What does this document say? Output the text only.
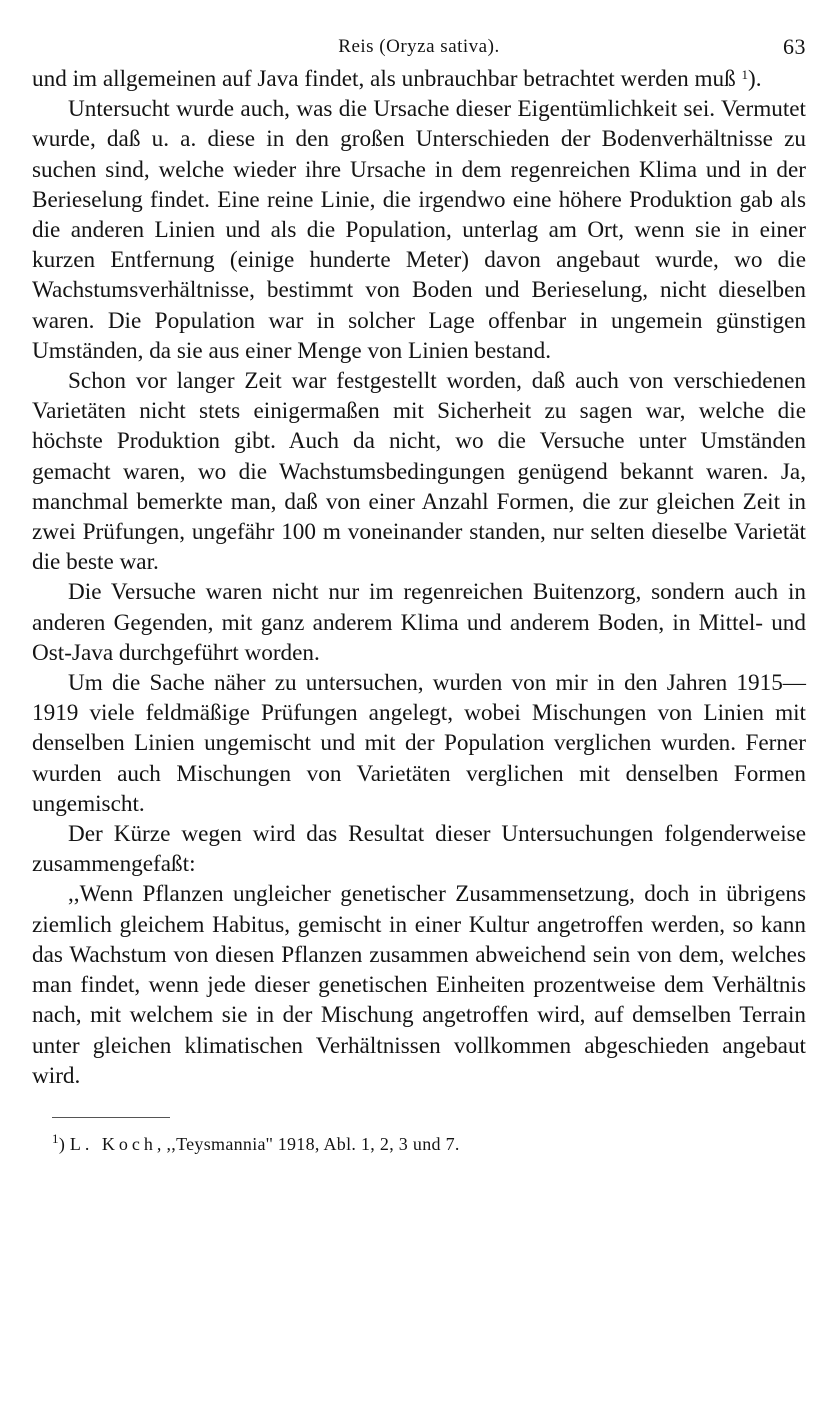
Reis (Oryza sativa).	63

und im allgemeinen auf Java findet, als unbrauchbar betrachtet werden muß $^1$).

Untersucht wurde auch, was die Ursache dieser Eigentümlichkeit sei. Vermutet wurde, daß u. a. diese in den großen Unterschieden der Bodenverhältnisse zu suchen sind, welche wieder ihre Ursache in dem regenreichen Klima und in der Berieselung findet. Eine reine Linie, die irgendwo eine höhere Produktion gab als die anderen Linien und als die Population, unterlag am Ort, wenn sie in einer kurzen Entfernung (einige hunderte Meter) davon angebaut wurde, wo die Wachstumsverhältnisse, bestimmt von Boden und Berieselung, nicht dieselben waren. Die Population war in solcher Lage offenbar in ungemein günstigen Umständen, da sie aus einer Menge von Linien bestand.

Schon vor langer Zeit war festgestellt worden, daß auch von verschiedenen Varietäten nicht stets einigermaßen mit Sicherheit zu sagen war, welche die höchste Produktion gibt. Auch da nicht, wo die Versuche unter Umständen gemacht waren, wo die Wachstumsbedingungen genügend bekannt waren. Ja, manchmal bemerkte man, daß von einer Anzahl Formen, die zur gleichen Zeit in zwei Prüfungen, ungefähr 100 m voneinander standen, nur selten dieselbe Varietät die beste war.

Die Versuche waren nicht nur im regenreichen Buitenzorg, sondern auch in anderen Gegenden, mit ganz anderem Klima und anderem Boden, in Mittel- und Ost-Java durchgeführt worden.

Um die Sache näher zu untersuchen, wurden von mir in den Jahren 1915—1919 viele feldmäßige Prüfungen angelegt, wobei Mischungen von Linien mit denselben Linien ungemischt und mit der Population verglichen wurden. Ferner wurden auch Mischungen von Varietäten verglichen mit denselben Formen ungemischt.

Der Kürze wegen wird das Resultat dieser Untersuchungen folgenderweise zusammengefaßt:

,,Wenn Pflanzen ungleicher genetischer Zusammensetzung, doch in übrigens ziemlich gleichem Habitus, gemischt in einer Kultur angetroffen werden, so kann das Wachstum von diesen Pflanzen zusammen abweichend sein von dem, welches man findet, wenn jede dieser genetischen Einheiten prozentweise dem Verhältnis nach, mit welchem sie in der Mischung angetroffen wird, auf demselben Terrain unter gleichen klimatischen Verhältnissen vollkommen abgeschieden angebaut wird.

$^1$) L. Koch, ,,Teysmannia'' 1918, Abl. 1, 2, 3 und 7.
